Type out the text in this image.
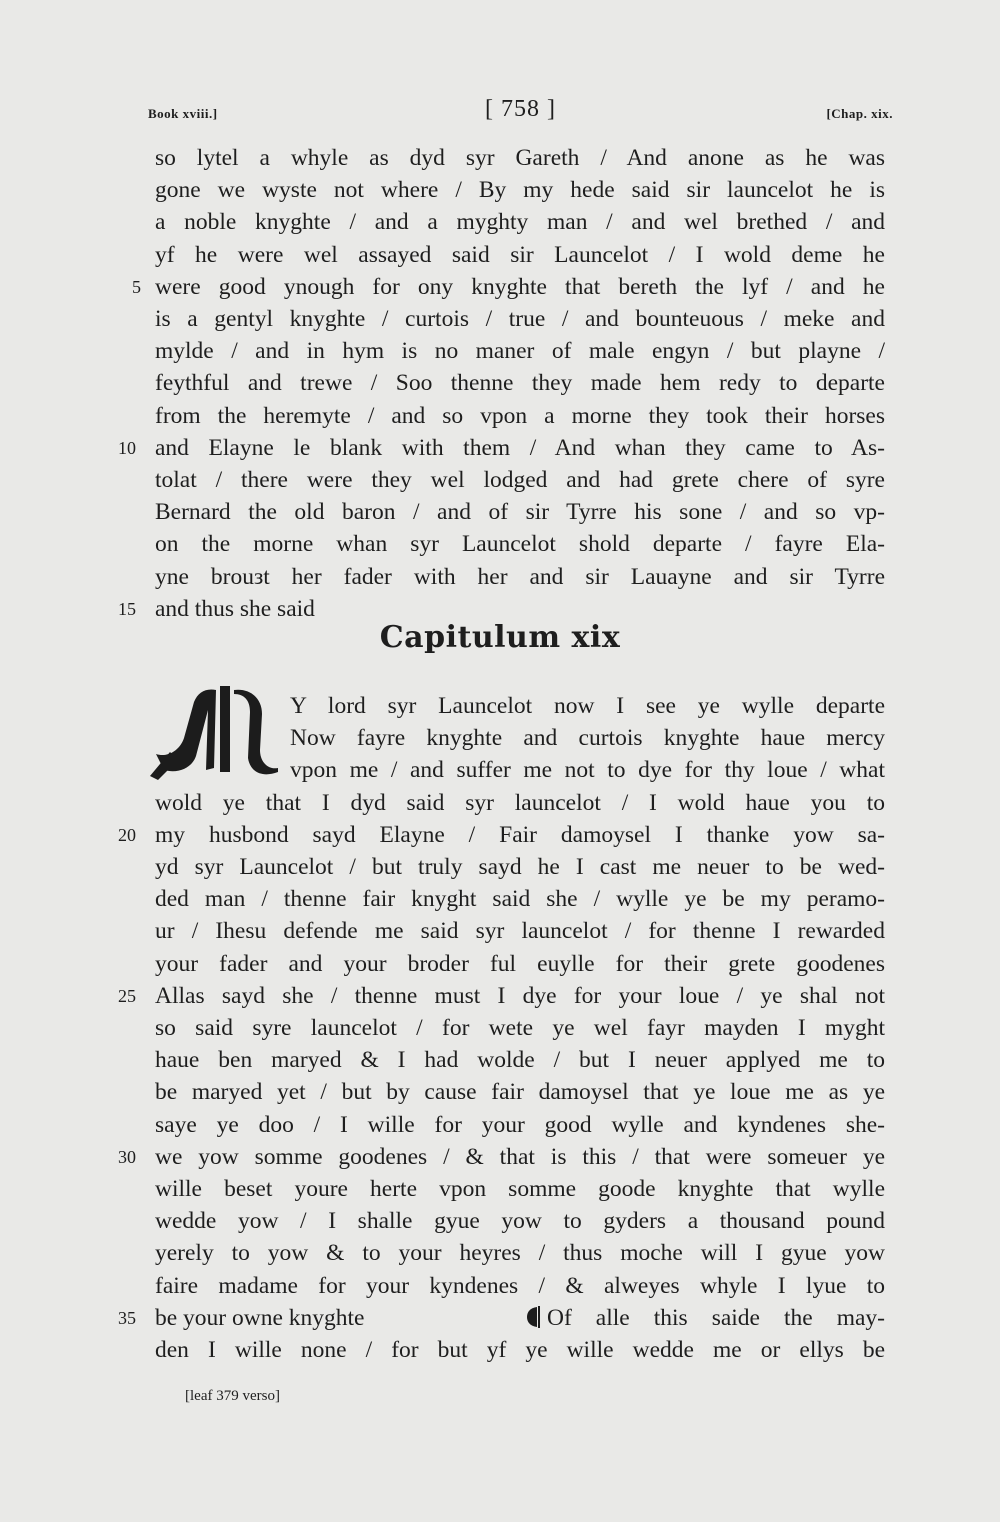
Book xviii.]	[ 758 ]	[Chap. xix.
so lytel a whyle as dyd syr Gareth / And anone as he was
gone we wyste not where / By my hede said sir launcelot he is
a noble knyghte / and a myghty man / and wel brethed / and
yf he were wel assayed said sir Launcelot / I wold deme he
were good ynough for ony knyghte that bereth the lyf / and he
is a gentyl knyghte / curtois / true / and bounteuous / meke and
mylde / and in hym is no maner of male engyn / but playne /
feythful and trewe / Soo thenne they made hem redy to departe
from the heremyte / and so vpon a morne they took their horses
and Elayne le blank with them / And whan they came to As-
tolat / there were they wel lodged and had grete chere of syre
Bernard the old baron / and of sir Tyrre his sone / and so vp-
on the morne whan syr Launcelot shold departe / fayre Ela-
yne brouзt her fader with her and sir Lauayne and sir Tyrre
and thus she said
Capitulum xix
M
Y lord syr Launcelot now I see ye wylle departe
Now fayre knyghte and curtois knyghte haue mercy
vpon me / and suffer me not to dye for thy loue / what
wold ye that I dyd said syr launcelot / I wold haue you to
my husbond sayd Elayne / Fair damoysel I thanke yow sa-
yd syr Launcelot / but truly sayd he I cast me neuer to be wed-
ded man / thenne fair knyght said she / wylle ye be my peramo-
ur / Ihesu defende me said syr launcelot / for thenne I rewarded
your fader and your broder ful euylle for their grete goodenes
Allas sayd she / thenne must I dye for your loue / ye shal not
so said syre launcelot / for wete ye wel fayr mayden I myght
haue ben maryed & I had wolde / but I neuer applyed me to
be maryed yet / but by cause fair damoysel that ye loue me as ye
saye ye doo / I wille for your good wylle and kyndenes she-
we yow somme goodenes / & that is this / that were someuer ye
wille beset youre herte vpon somme goode knyghte that wylle
wedde yow / I shalle gyue yow to gyders a thousand pound
yerely to yow & to your heyres / thus moche will I gyue yow
faire madame for your kyndenes / & alweyes whyle I lyue to
be your owne knyghte	Of alle this saide the may-
den I wille none / for but yf ye wille wedde me or ellys be
5
10
15
20
25
30
35
[leaf 379 verso]
